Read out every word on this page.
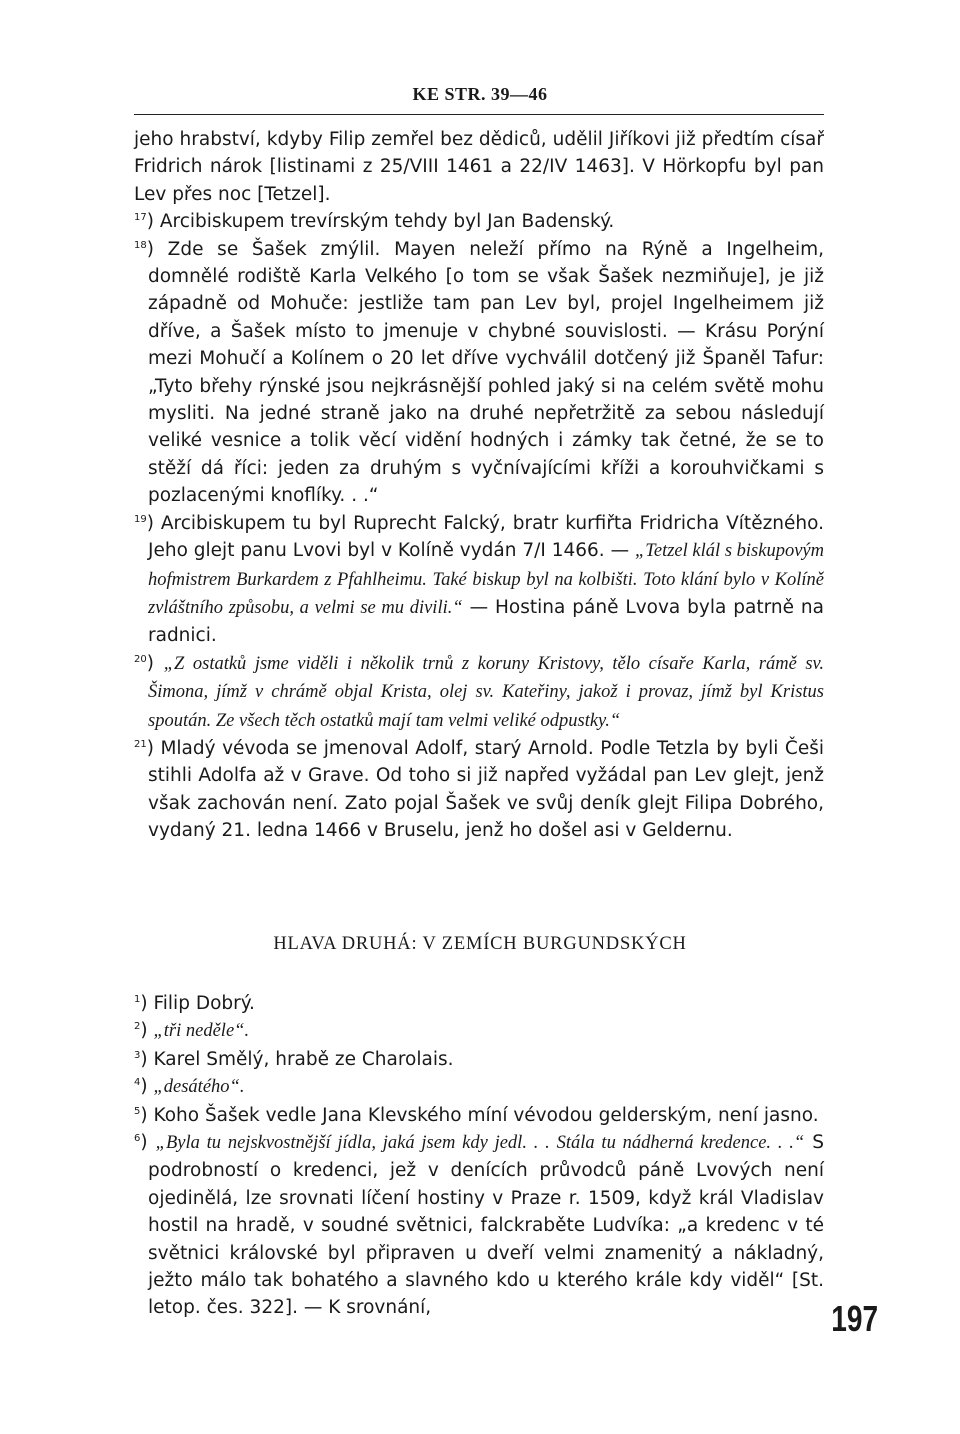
KE STR. 39—46

jeho hrabství, kdyby Filip zemřel bez dědiců, udělil Jiříkovi již předtím císař Fridrich nárok [listinami z 25/VIII 1461 a 22/IV 1463]. V Hörkopfu byl pan Lev přes noc [Tetzel].

$^{17}$) Arcibiskupem trevírským tehdy byl Jan Badenský.

$^{18}$) Zde se Šašek zmýlil. Mayen neleží přímo na Rýně a Ingelheim, domnělé rodiště Karla Velkého [o tom se však Šašek nezmiňuje], je již západně od Mohuče: jestliže tam pan Lev byl, projel Ingelheimem již dříve, a Šašek místo to jmenuje v chybné souvislosti. — Krásu Porýní mezi Mohučí a Kolínem o 20 let dříve vychválil dotčený již Španěl Tafur: „Tyto břehy rýnské jsou nejkrásnější pohled jaký si na celém světě mohu mysliti. Na jedné straně jako na druhé nepřetržitě za sebou následují veliké vesnice a tolik věcí vidění hodných i zámky tak četné, že se to stěží dá říci: jeden za druhým s vyčnívajícími kříži a korouhvičkami s pozlacenými knoflíky. . .“

$^{19}$) Arcibiskupem tu byl Ruprecht Falcký, bratr kurfiřta Fridricha Vítězného. Jeho glejt panu Lvovi byl v Kolíně vydán 7/I 1466. — „Tetzel klál s biskupovým hofmistrem Burkardem z Pfahlheimu. Také biskup byl na kolbišti. Toto klání bylo v Kolíně zvláštního způsobu, a velmi se mu divili.“ — Hostina páně Lvova byla patrně na radnici.

$^{20}$) „Z ostatků jsme viděli i několik trnů z koruny Kristovy, tělo císaře Karla, rámě sv. Šimona, jímž v chrámě objal Krista, olej sv. Kateřiny, jakož i provaz, jímž byl Kristus spoután. Ze všech těch ostatků mají tam velmi veliké odpustky.“

$^{21}$) Mladý vévoda se jmenoval Adolf, starý Arnold. Podle Tetzla by byli Češi stihli Adolfa až v Grave. Od toho si již napřed vyžádal pan Lev glejt, jenž však zachován není. Zato pojal Šašek ve svůj deník glejt Filipa Dobrého, vydaný 21. ledna 1466 v Bruselu, jenž ho došel asi v Geldernu.

HLAVA DRUHÁ: V ZEMÍCH BURGUNDSKÝCH

$^1$) Filip Dobrý.

$^2$) „tři neděle“.

$^3$) Karel Smělý, hrabě ze Charolais.

$^4$) „desátého“.

$^5$) Koho Šašek vedle Jana Klevského míní vévodou gelderským, není jasno.

$^6$) „Byla tu nejskvostnější jídla, jaká jsem kdy jedl. . . Stála tu nádherná kredence. . .“ S podrobností o kredenci, jež v denících průvodců páně Lvových není ojedinělá, lze srovnati líčení hostiny v Praze r. 1509, když král Vladislav hostil na hradě, v soudné světnici, falckraběte Ludvíka: „a kredenc v té světnici královské byl připraven u dveří velmi znamenitý a nákladný, ježto málo tak bohatého a slavného kdo u kterého krále kdy viděl“ [St. letop. čes. 322]. — K srovnání,	197
